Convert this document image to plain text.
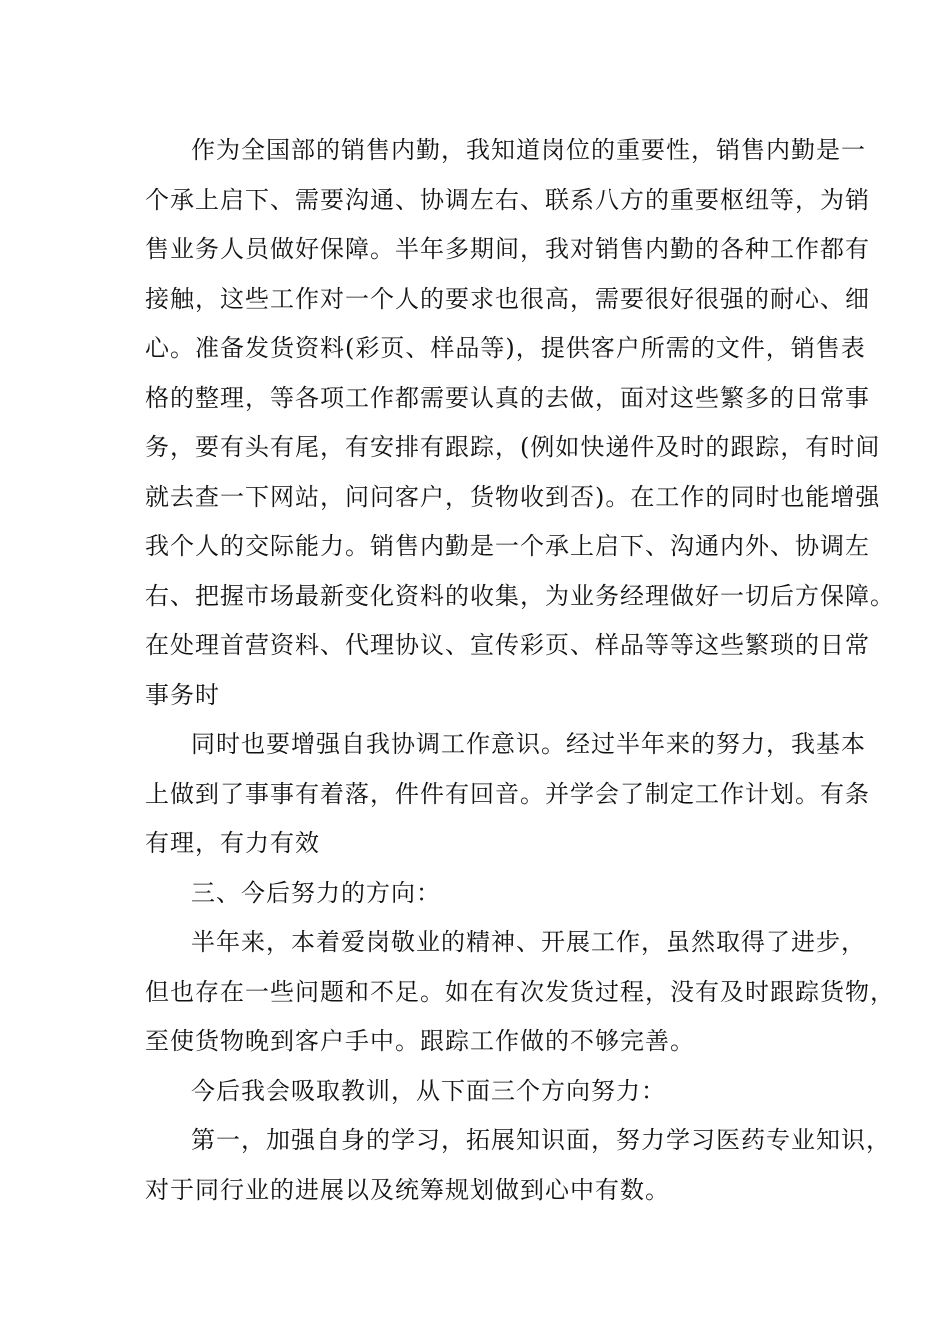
作为全国部的销售内勤，我知道岗位的重要性，销售内勤是一
个承上启下、需要沟通、协调左右、联系八方的重要枢纽等，为销
售业务人员做好保障。半年多期间，我对销售内勤的各种工作都有
接触，这些工作对一个人的要求也很高，需要很好很强的耐心、细
心。准备发货资料(彩页、样品等)，提供客户所需的文件，销售表
格的整理，等各项工作都需要认真的去做，面对这些繁多的日常事
务，要有头有尾，有安排有跟踪，(例如快递件及时的跟踪，有时间
就去查一下网站，问问客户，货物收到否)。在工作的同时也能增强
我个人的交际能力。销售内勤是一个承上启下、沟通内外、协调左
右、把握市场最新变化资料的收集，为业务经理做好一切后方保障。
在处理首营资料、代理协议、宣传彩页、样品等等这些繁琐的日常
事务时
同时也要增强自我协调工作意识。经过半年来的努力，我基本
上做到了事事有着落，件件有回音。并学会了制定工作计划。有条
有理，有力有效
三、今后努力的方向：
半年来，本着爱岗敬业的精神、开展工作，虽然取得了进步，
但也存在一些问题和不足。如在有次发货过程，没有及时跟踪货物，
至使货物晚到客户手中。跟踪工作做的不够完善。
今后我会吸取教训，从下面三个方向努力：
第一，加强自身的学习，拓展知识面，努力学习医药专业知识，
对于同行业的进展以及统筹规划做到心中有数。
